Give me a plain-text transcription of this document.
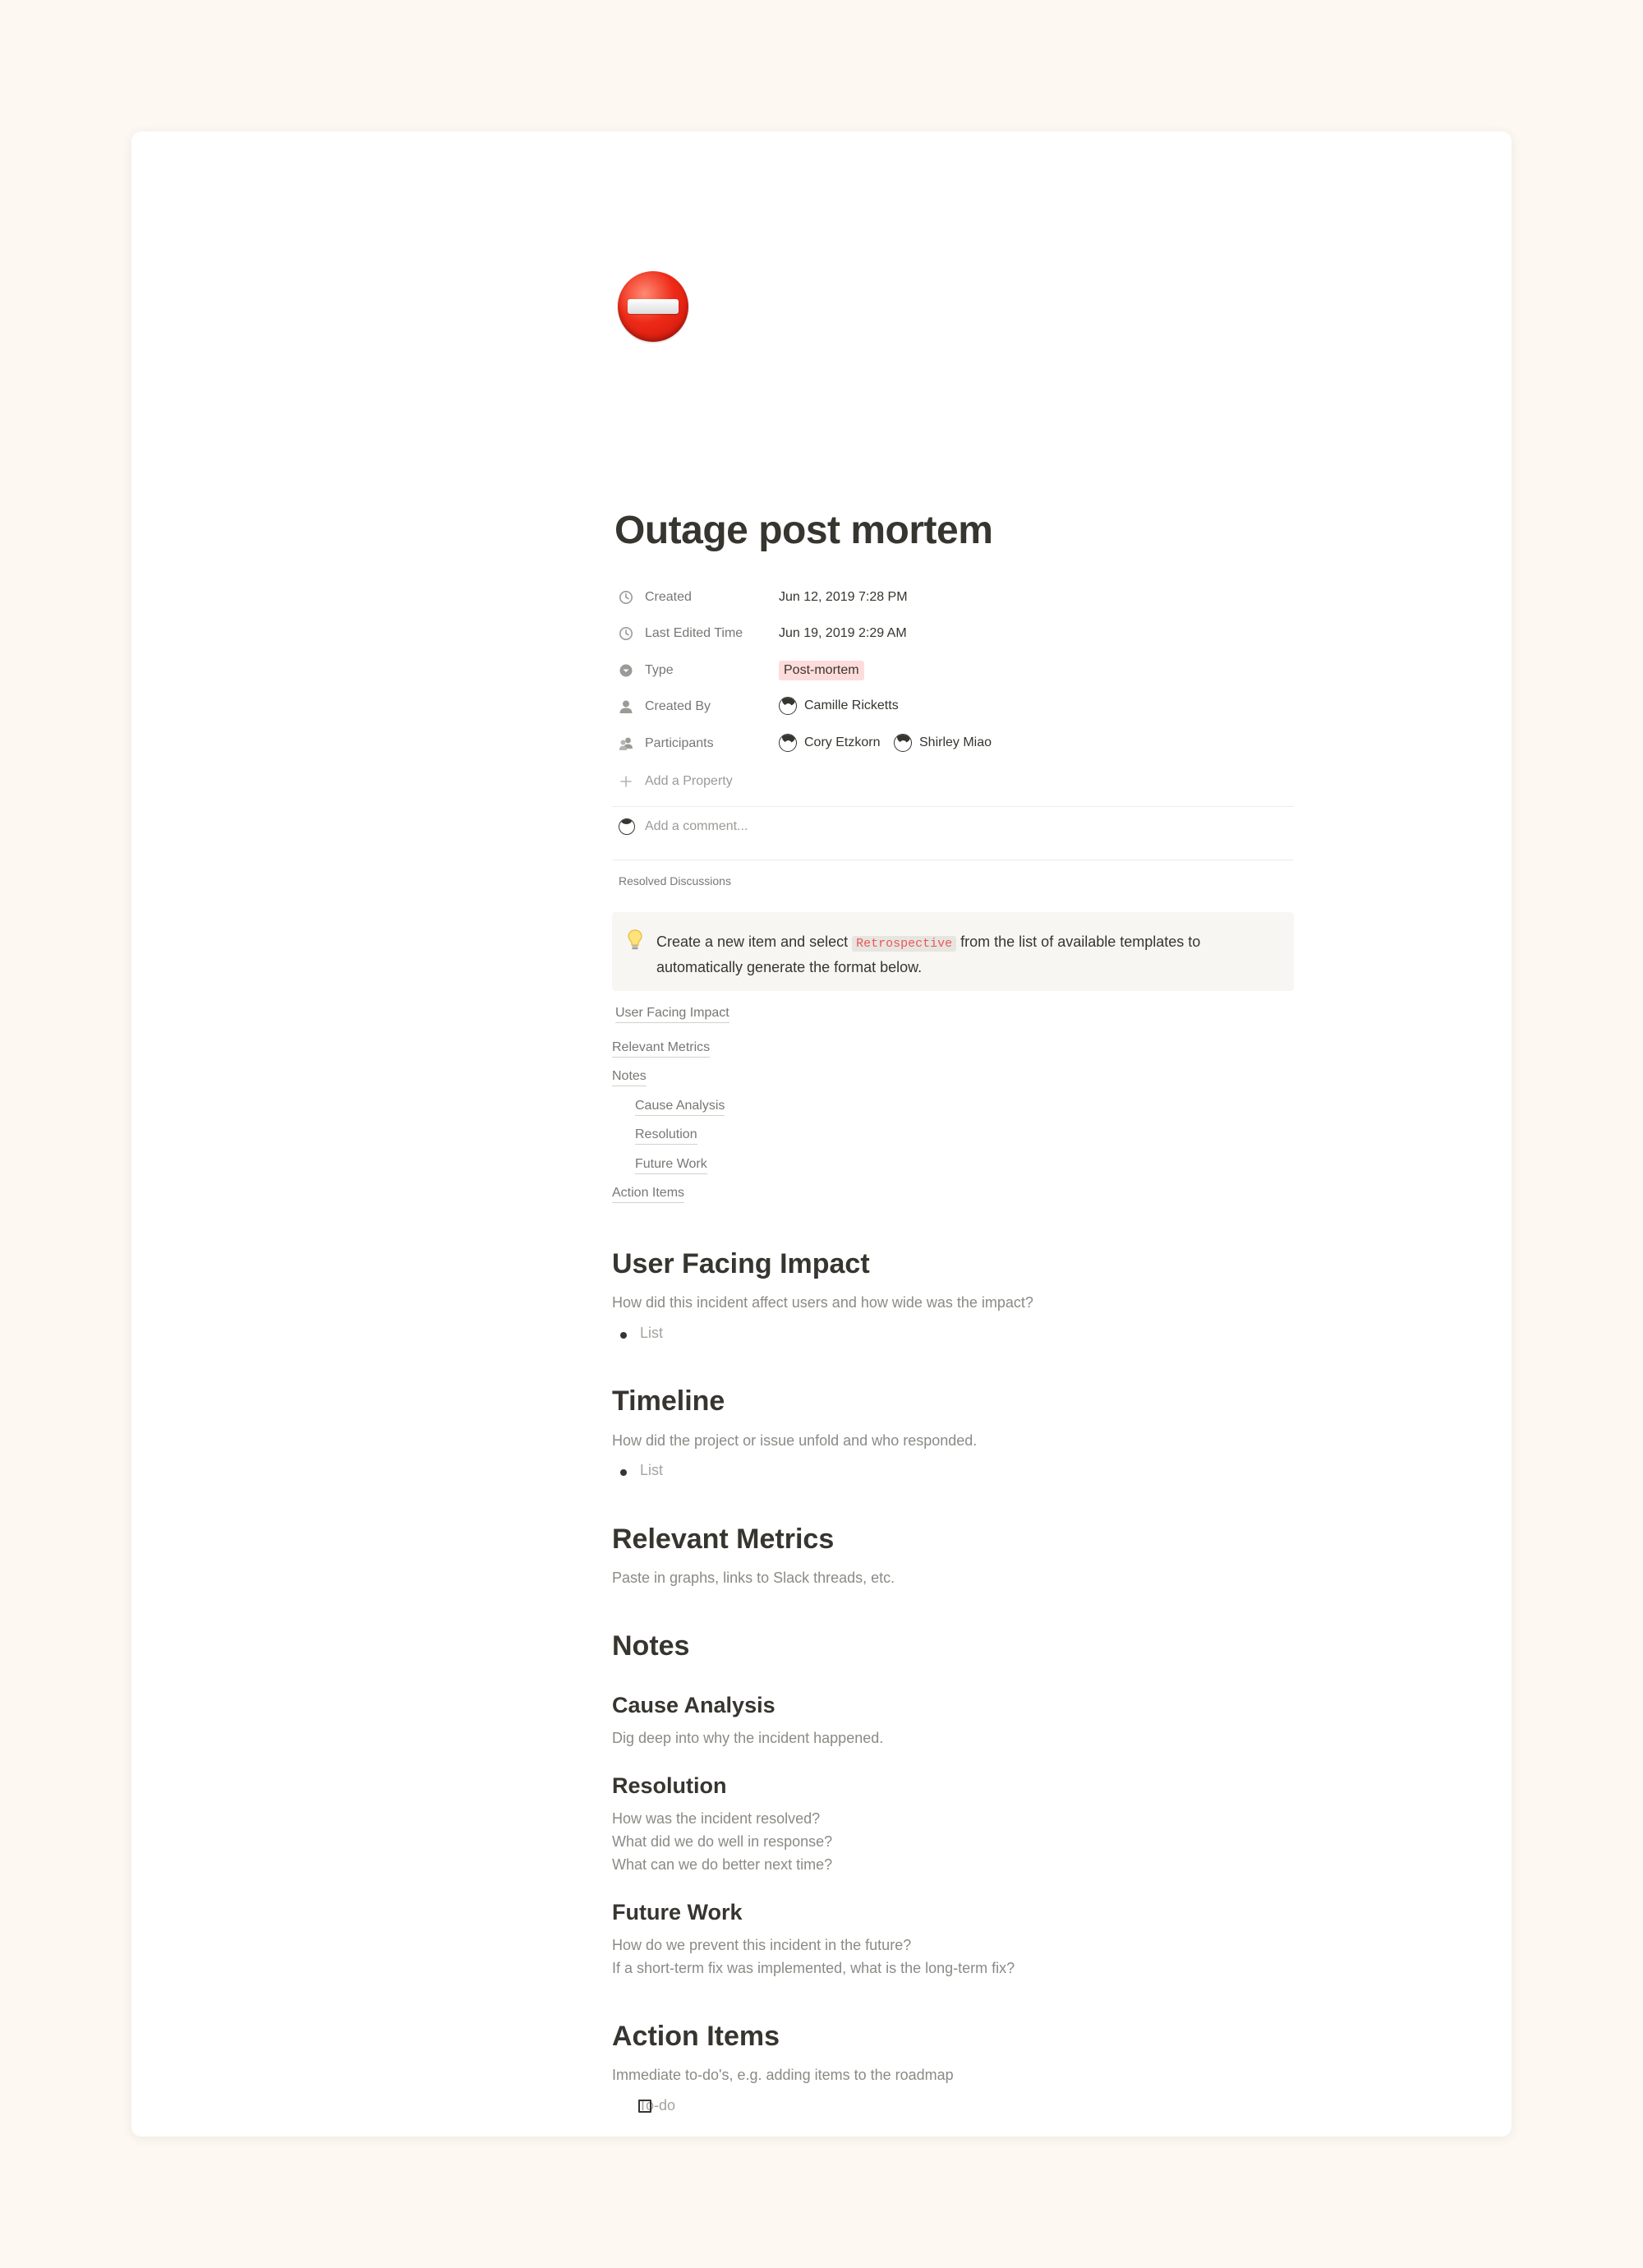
Outage post mortem
Created	Jun 12, 2019 7:28 PM
Last Edited Time	Jun 19, 2019 2:29 AM
Type	Post-mortem
Created By	Camille Ricketts
Participants	Cory Etzkorn	Shirley Miao
Add a Property
Add a comment...
Resolved Discussions
Create a new item and select Retrospective from the list of available templates to automatically generate the format below.
User Facing Impact
Relevant Metrics
Notes
Cause Analysis
Resolution
Future Work
Action Items
User Facing Impact
How did this incident affect users and how wide was the impact?
List
Timeline
How did the project or issue unfold and who responded.
List
Relevant Metrics
Paste in graphs, links to Slack threads, etc.
Notes
Cause Analysis
Dig deep into why the incident happened.
Resolution
How was the incident resolved?
What did we do well in response?
What can we do better next time?
Future Work
How do we prevent this incident in the future?
If a short-term fix was implemented, what is the long-term fix?
Action Items
Immediate to-do's, e.g. adding items to the roadmap
To-do
